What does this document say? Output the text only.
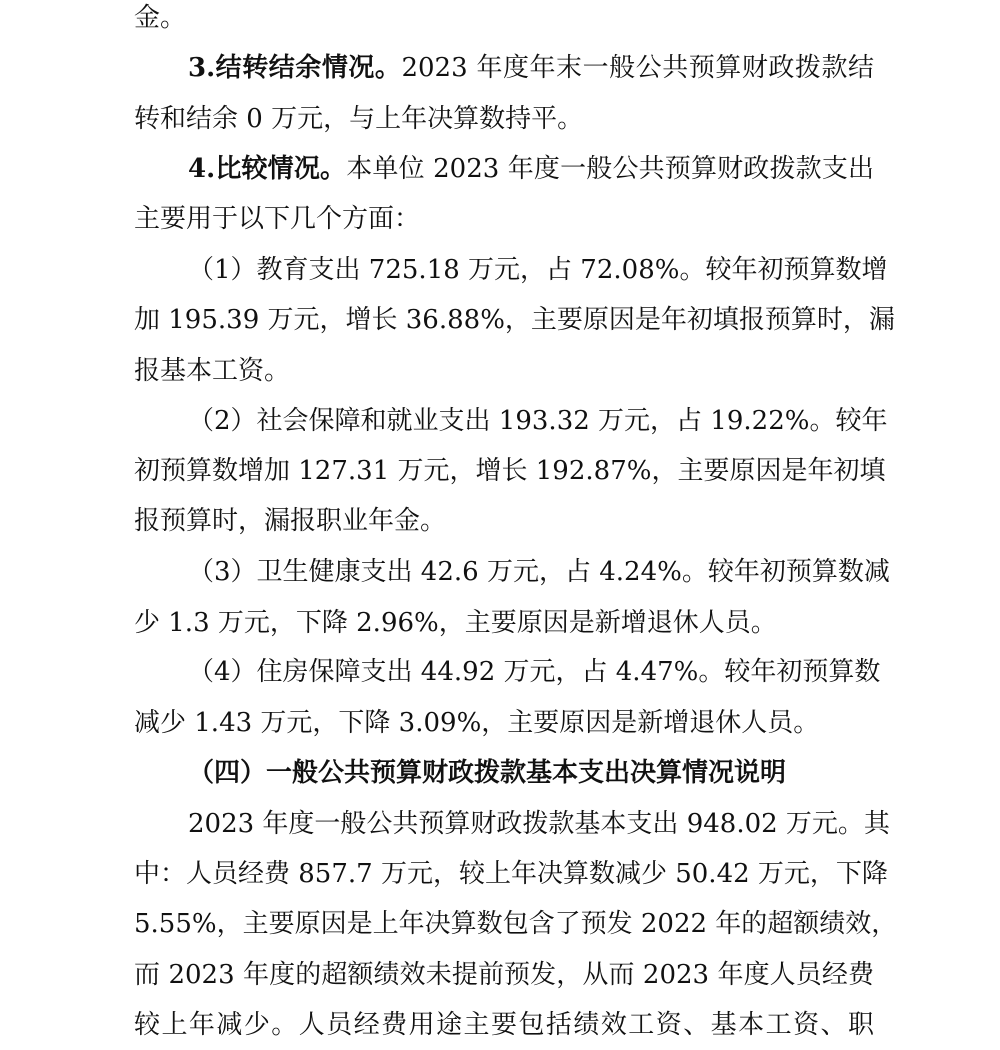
金。
3.结转结余情况。2023 年度年末一般公共预算财政拨款结
转和结余 0 万元，与上年决算数持平。
4.比较情况。本单位 2023 年度一般公共预算财政拨款支出
主要用于以下几个方面：
（1）教育支出 725.18 万元，占 72.08%。较年初预算数增
加 195.39 万元，增长 36.88%，主要原因是年初填报预算时，漏
报基本工资。
（2）社会保障和就业支出 193.32 万元，占 19.22%。较年
初预算数增加 127.31 万元，增长 192.87%，主要原因是年初填
报预算时，漏报职业年金。
（3）卫生健康支出 42.6 万元，占 4.24%。较年初预算数减
少 1.3 万元，下降 2.96%，主要原因是新增退休人员。
（4）住房保障支出 44.92 万元，占 4.47%。较年初预算数
减少 1.43 万元，下降 3.09%，主要原因是新增退休人员。
（四）一般公共预算财政拨款基本支出决算情况说明
2023 年度一般公共预算财政拨款基本支出 948.02 万元。其
中：人员经费 857.7 万元，较上年决算数减少 50.42 万元，下降
5.55%，主要原因是上年决算数包含了预发 2022 年的超额绩效，
而 2023 年度的超额绩效未提前预发，从而 2023 年度人员经费
较上年减少。人员经费用途主要包括绩效工资、基本工资、职
